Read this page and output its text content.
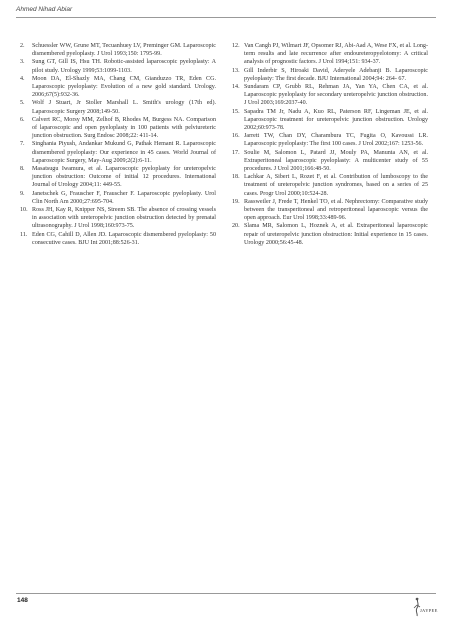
Ahmed Nihad Abiar
2.	Schuessler WW, Grune MT, Tecuanhuey LV, Preminger GM. Laparoscopic dismembered pyeloplasty. J Urol 1993;150: 1795-99.
3.	Sung GT, Gill IS, Hsu TH. Robotic-assisted laparoscopic pyeloplasty: A pilot study. Urology 1999;53:1099-1103.
4.	Moon DA, El-Shazly MA, Chang CM, Gianduzzo TR, Eden CG. Laparoscopic pyeloplasty: Evolution of a new gold standard. Urology. 2006;67(5):932-36.
5.	Wolf J Stuart, Jr Stoller Marshall L. Smith's urology (17th ed). Laparoscopic Surgery 2008;149-50.
6.	Calvert RC, Morsy MM, Zelhof B, Rhodes M, Burgess NA. Comparison of laparoscopic and open pyeloplasty in 100 patients with pelviureteric junction obstruction. Surg Endosc 2008;22: 411-14.
7.	Singhania Piyush, Andankar Mukund G, Pathak Hemant R. Laparoscopic dismembered pyeloplasty: Our experience in 45 cases. World Journal of Laparoscopic Surgery, May-Aug 2009;2(2):6-11.
8.	Masatsugu Iwamura, et al. Laparoscopic pyeloplasty for ureteropelvic junction obstruction: Outcome of initial 12 procedures. International Journal of Urology 2004;11: 449-55.
9.	Janetschek G, Frauscher F, Frauscher F. Laparoscopic pyeloplasty. Urol Clin North Am 2000;27:695-704.
10. Ross JH, Kay R, Knipper NS, Streem SB. The absence of crossing vessels in association with ureteropelvic junction obstruction detected by prenatal ultrasonography. J Urol 1998;160:973-75.
11. Eden CG, Cahill D, Allen JD. Laparoscopic dismembered pyeloplasty: 50 consecutive cases. BJU Int 2001;88:526-31.
12. Van Cangh PJ, Wilmart JF, Opsomer RJ, Abi-Aad A, Wese FX, et al. Long-term results and late recurrence after endoureteropyelotomy: A critical analysis of prognostic factors. J Urol 1994;151: 934-37.
13. Gill Inderbir S, Hiroaki David, Aderyele Adebanji B. Laparoscopic pyeloplasty: The first decade. BJU International 2004;94: 264- 67.
14. Sundaram CP, Grubb RL, Rehman JA, Yan YA, Chen CA, et al. Laparoscopic pyeloplasty for secondary ureteropelvic junction obstruction. J Urol 2003;169:2037-40.
15. Sapadra TM Jr, Nadu A, Kuo RL, Paterson RF, Lingeman JE, et al. Laparoscopic treatment for ureteropelvic junction obstruction. Urology 2002;60:973-78.
16. Jarrett TW, Chan DY, Charambura TC, Fugita O, Kavoussi LR. Laparoscopic pyeloplasty: The first 100 cases. J Urol 2002;167: 1253-56.
17. Soulie M, Salomon L, Patard JJ, Mouly PA, Manunta AN, et al. Extraperitoneal laparoscopic pyeloplasty: A multicenter study of 55 procedures. J Urol 2001;166:48-50.
18. Lachkar A, Sibert L, Rozet F, et al. Contribution of lumboscopy to the treatment of ureteropelvic junction syndromes, based on a series of 25 cases. Progr Urol 2000;10:524-28.
19. Rassweiler J, Frede T, Henkel TO, et al. Nephrectomy: Comparative study between the transperitoneal and retroperitoneal laparoscopic versus the open approach. Eur Urol 1998;33:489-96.
20. Slama MR, Salomon L, Hoznek A, et al. Extraperitoneal laparoscopic repair of ureteropelvic junction obstruction: Initial experience in 15 cases. Urology 2000;56:45-48.
148
JAYPEE
